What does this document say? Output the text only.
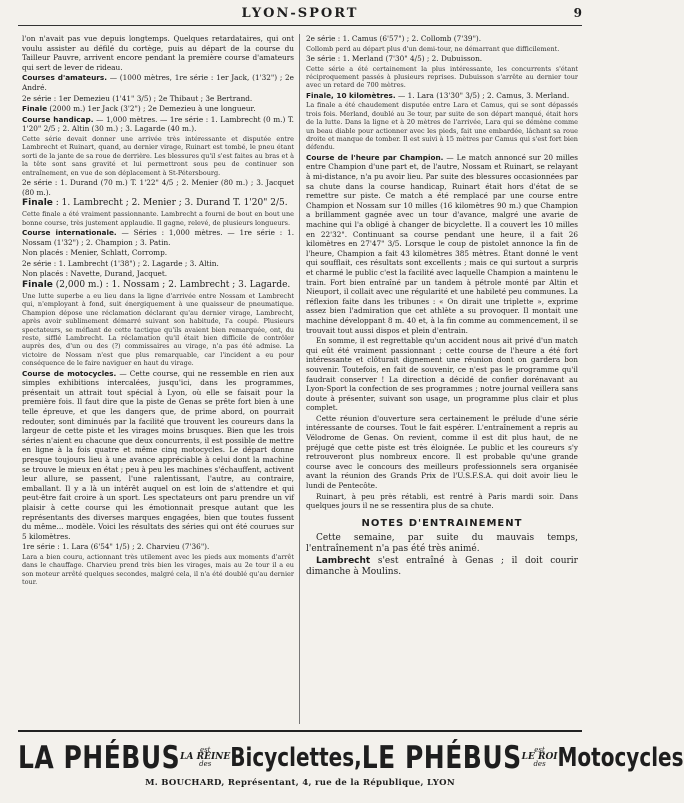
LYON-SPORT	9
l'on n'avait pas vue depuis longtemps. Quelques retardataires, qui ont voulu assister au défilé du cortège, puis au départ de la course du Tailleur Pauvre, arrivent encore pendant la première course d'amateurs qui sert de lever de rideau.
Courses d'amateurs. — (1000 mètres, 1re série : 1er Jack, (1'32") ; 2e André.
2e série : 1er Demezieu (1'41" 3/5) ; 2e Thibaut ; 3e Bertrand.
Finale (2000 m.) 1er Jack (3'2") ; 2e Demezieu à une longueur.
Course handicap. — 1,000 mètres. — 1re série : 1. Lambrecht (0 m.) T. 1'20" 2/5 ; 2. Altin (30 m.) ; 3. Lagarde (40 m.).
Cette série devait donner une arrivée très intéressante et disputée entre Lambrecht et Ruinart, quand, au dernier virage, Ruinart est tombé, le pneu étant sorti de la jante de sa roue de derrière. Les blessures qu'il s'est faites au bras et à la tête sont sans gravité et lui permettront sous peu de continuer son entraînement, en vue de son déplacement à St-Pétersbourg.
2e série : 1. Durand (70 m.) T. 1'22" 4/5 ; 2. Menier (80 m.) ; 3. Jacquet (80 m.).
Finale : 1. Lambrecht ; 2. Menier ; 3. Durand T. 1'20" 2/5.
Cette finale a été vraiment passionnante. Lambrecht a fourni de bout en bout une bonne course, très justement applaudie. Il gagne, relevé, de plusieurs longueurs.
Course internationale. — Séries : 1,000 mètres. — 1re série : 1. Nossam (1'32") ; 2. Champion ; 3. Patin.
Non placés : Menier, Schlatt, Corromp.
2e série : 1. Lambrecht (1'38") ; 2. Lagarde ; 3. Altin.
Non placés : Navette, Durand, Jacquet.
Finale (2,000 m.) : 1. Nossam ; 2. Lambrecht ; 3. Lagarde.
Une lutte superbe a eu lieu dans la ligne d'arrivée entre Nossam et Lambrecht qui, n'employant à fond, suit énergiquement à une quaisseur de pneumatique. Champion dépose une réclamation déclarant qu'au dernier virage, Lambrecht, après avoir sublimement démarré suivant son habitude, l'a coupé. Plusieurs spectateurs, se méfiant de cette tactique qu'ils avaient bien remarquée, ont, du reste, sifflé Lambrecht. La réclamation qu'il était bien difficile de contrôler auprès des, d'un ou des (?) commissaires au virage, n'a pas été admise. La victoire de Nossam n'est que plus remarquable, car l'incident a eu pour conséquence de le faire naviguer en haut du virage.
Course de motocycles. — Cette course, qui ne ressemble en rien aux simples exhibitions intercalées, jusqu'ici, dans les programmes, présentait un attrait tout spécial à Lyon, où elle se faisait pour la première fois. Il faut dire que la piste de Genas se prête fort bien à une telle épreuve, et que les dangers que, de prime abord, on pourrait redouter, sont diminués par la facilité que trouvent les coureurs dans la largeur de cette piste et les virages moins brusques. Bien que les trois séries n'aient eu chacune que deux concurrents, il est possible de mettre en ligne à la fois quatre et même cinq motocycles. Le départ donne presque toujours lieu à une avance appréciable à celui dont la machine se trouve le mieux en état ; peu à peu les machines s'échauffent, activent leur allure, se passent, l'une ralentissant, l'autre, au contraire, emballant. Il y a là un intérêt auquel on est loin de s'attendre et qui peut-être fait croire à un sport. Les spectateurs ont paru prendre un vif plaisir à cette course qui les émotionnait presque autant que les représentants des diverses marques engagées, bien que toutes fussent du même... modèle. Voici les résultats des séries qui ont été courues sur 5 kilomètres.
1re série : 1. Lara (6'54" 1/5) ; 2. Charvieu (7'36").
Lara a bien couru, actionnant très utilement avec les pieds aux moments d'arrêt dans le chauffage. Charvieu prend très bien les virages, mais au 2e tour il a eu son moteur arrêté quelques secondes, malgré cela, il n'a été doublé qu'au dernier tour.
2e série : 1. Camus (6'57") ; 2. Collomb (7'39").
Collomb perd au départ plus d'un demi-tour, ne démarrant que difficilement.
3e série : 1. Merland (7'30" 4/5) ; 2. Dubuisson.
Cette série a été certainement la plus intéressante, les concurrents s'étant réciproquement passés à plusieurs reprises. Dubuisson s'arrête au dernier tour avec un retard de 700 mètres.
Finale, 10 kilomètres. — 1. Lara (13'30" 3/5) ; 2. Camus, 3. Merland.
La finale a été chaudement disputée entre Lara et Camus, qui se sont dépassés trois fois. Merland, doublé au 3e tour, par suite de son départ manqué, était hors de la lutte. Dans la ligne et à 20 mètres de l'arrivée, Lara qui se démène comme un beau diable pour actionner avec les pieds, fait une embardée, lâchant sa roue droite et manque de tomber. Il est suivi à 15 mètres par Camus qui s'est fort bien défendu.
Course de l'heure par Champion. — Le match annoncé sur 20 milles entre Champion d'une part et, de l'autre, Nossam et Ruinart, se relayant à mi-distance, n'a pu avoir lieu. Par suite des blessures occasionnées par sa chute dans la course handicap, Ruinart était hors d'état de se remettre sur piste. Ce match a été remplacé par une course entre Champion et Nossam sur 10 milles (16 kilomètres 90 m.) que Champion a brillamment gagnée avec un tour d'avance, malgré une avarie de machine qui l'a obligé à changer de bicyclette. Il a couvert les 10 milles en 22'32". Continuant sa course pendant une heure, il a fait 26 kilomètres en 27'47" 3/5. Lorsque le coup de pistolet annonce la fin de l'heure, Champion a fait 43 kilomètres 385 mètres. Étant donné le vent qui soufflait, ces résultats sont excellents ; mais ce qui surtout a surpris et charmé le public c'est la facilité avec laquelle Champion a maintenu le train. Fort bien entraîné par un tandem à pétrole monté par Altin et Nieuport, il collait avec une régularité et une habileté peu communes. La réflexion faite dans les tribunes : « On dirait une triplette », exprime assez bien l'admiration que cet athlète a su provoquer. Il montait une machine développant 8 m. 40 et, à la fin comme au commencement, il se trouvait tout aussi dispos et plein d'entrain.
En somme, il est regrettable qu'un accident nous ait privé d'un match qui eût été vraiment passionnant ; cette course de l'heure a été fort intéressante et clôturait dignement une réunion dont on gardera bon souvenir. Toutefois, en fait de souvenir, ce n'est pas le programme qu'il faudrait conserver ! La direction a décidé de confier dorénavant au Lyon-Sport la confection de ses programmes ; notre journal veillera sans doute à présenter, suivant son usage, un programme plus clair et plus complet.
Cette réunion d'ouverture sera certainement le prélude d'une série intéressante de courses. Tout le fait espérer. L'entraînement a repris au Vélodrome de Genas. On revient, comme il est dit plus haut, de ne préjugé que cette piste est très éloignée. Le public et les coureurs s'y retrouveront plus nombreux encore. Il est probable qu'une grande course avec le concours des meilleurs professionnels sera organisée avant la réunion des Grands Prix de l'U.S.F.S.A. qui doit avoir lieu le lundi de Pentecôte.
Ruinart, à peu près rétabli, est rentré à Paris mardi soir. Dans quelques jours il ne se ressentira plus de sa chute.
NOTES D'ENTRAINEMENT
Cette semaine, par suite du mauvais temps, l'entraînement n'a pas été très animé.
Lambrecht s'est entraîné à Genas ; il doit courir dimanche à Moulins.
LA PHÉBUS	est
LA REINE
des Bicyclettes, LE PHÉBUS	est
LE ROI
des Motocycles
M. BOUCHARD, Représentant, 4, rue de la République, LYON
